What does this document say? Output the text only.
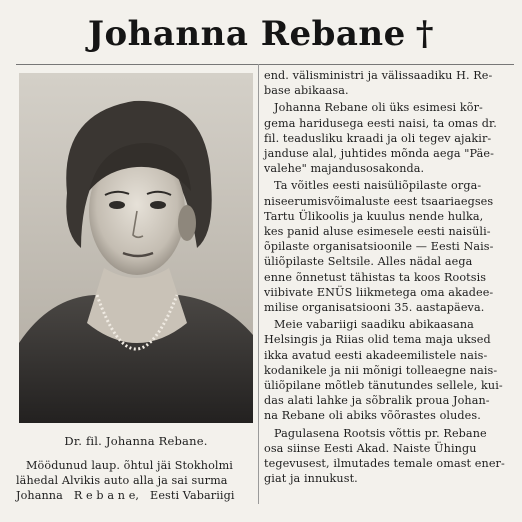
Johanna Rebane †
Dr. fil. Johanna Rebane.
Möödunud laup. õhtul jäi Stokholmi
lähedal Alvikis auto alla ja sai surma
Johanna   R e b a n e,   Eesti Vabariigi
end. välisministri ja välissaadiku H. Re-
base abikaasa.
Johanna Rebane oli üks esimesi kõr-
gema haridusega eesti naisi, ta omas dr.
fil. teadusliku kraadi ja oli tegev ajakir-
janduse alal, juhtides mõnda aega "Päe-
valehe" majandusosakonda.
Ta võitles eesti naisüliõpilaste orga-
niseerumisvõimaluste eest tsaariaegses
Tartu Ülikoolis ja kuulus nende hulka,
kes panid aluse esimesele eesti naisüli-
õpilaste organisatsioonile — Eesti Nais-
üliõpilaste Seltsile. Alles nädal aega
enne õnnetust tähistas ta koos Rootsis
viibivate ENÜS liikmetega oma akadee-
milise organisatsiooni 35. aastapäeva.
Meie vabariigi saadiku abikaasana
Helsingis ja Riias olid tema maja uksed
ikka avatud eesti akadeemilistele nais-
kodanikele ja nii mõnigi tolleaegne nais-
üliõpilane mõtleb tänutundes sellele, kui-
das alati lahke ja sõbralik proua Johan-
na Rebane oli abiks võõrastes oludes.
Pagulasena Rootsis võttis pr. Rebane
osa siinse Eesti Akad. Naiste Ühingu
tegevusest, ilmutades temale omast ener-
giat ja innukust.
